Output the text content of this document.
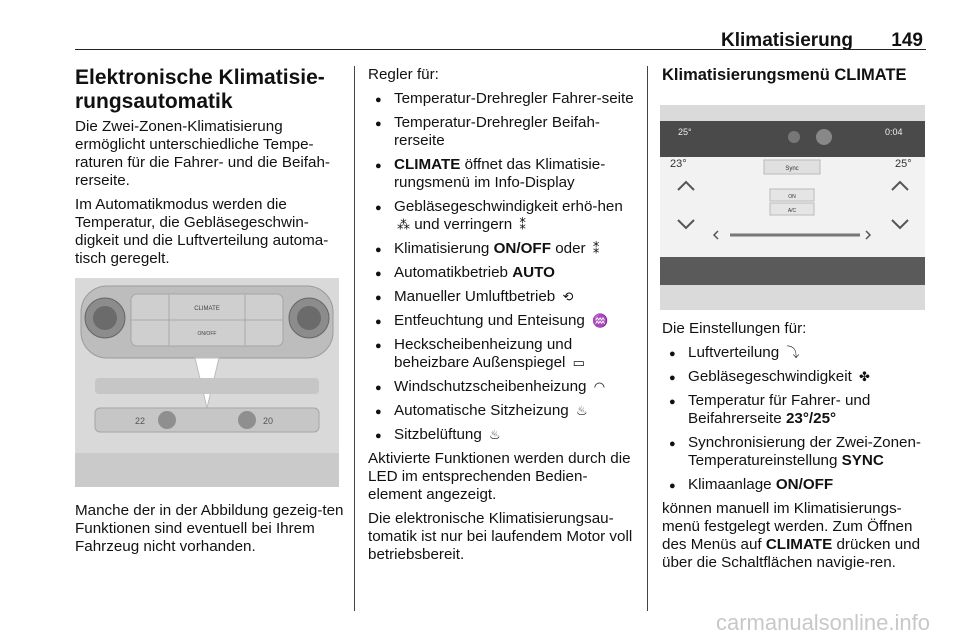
Klimatisierung 149
Elektronische Klimatisie-
rungsautomatik

Die Zwei-Zonen-Klimatisierung ermöglicht unterschiedliche Tempe-raturen für die Fahrer- und die Beifah-rerseite.

Im Automatikmodus werden die Temperatur, die Gebläsegeschwin-digkeit und die Luftverteilung automa-tisch geregelt.

CLIMATE
ON/OFF
22	20

Manche der in der Abbildung gezeig-ten Funktionen sind eventuell bei Ihrem Fahrzeug nicht vorhanden.

Regler für:

●
Temperatur-Drehregler Fahrer-seite
●
Temperatur-Drehregler Beifah-rerseite
●
CLIMATE öffnet das Klimatisie-rungsmenü im Info-Display
●
Gebläsegeschwindigkeit erhö-hen ⁂ und verringern ⁑
●
Klimatisierung ON/OFF oder ⁑
●
Automatikbetrieb AUTO
●
Manueller Umluftbetrieb ⟲
●
Entfeuchtung und Enteisung ♒
●
Heckscheibenheizung und beheizbare Außenspiegel ▭
●
Windschutzscheibenheizung ◠
●
Automatische Sitzheizung ♨
●
Sitzbelüftung ♨

Aktivierte Funktionen werden durch die LED im entsprechenden Bedien-element angezeigt.

Die elektronische Klimatisierungsau-tomatik ist nur bei laufendem Motor voll betriebsbereit.

Klimatisierungsmenü CLIMATE
25°	0:04
23°	25°
Sync
ON
A/C

Die Einstellungen für:

●
Luftverteilung ⤵
●
Gebläsegeschwindigkeit ✤
●
Temperatur für Fahrer- und Beifahrerseite 23°/25°
●
Synchronisierung der Zwei-Zonen-Temperatureinstellung SYNC
●
Klimaanlage ON/OFF

können manuell im Klimatisierungs-menü festgelegt werden. Zum Öffnen des Menüs auf CLIMATE drücken und über die Schaltflächen navigie-ren.

carmanualsonline.info
